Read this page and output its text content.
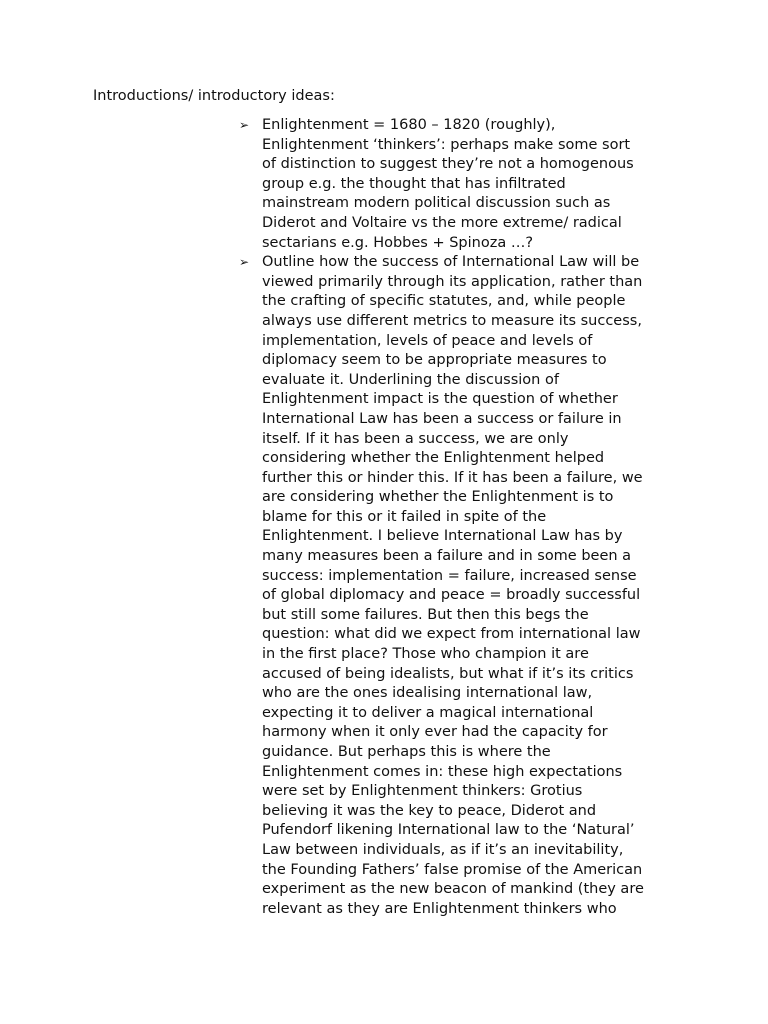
Introductions/ introductory ideas:
➢ Enlightenment = 1680 – 1820 (roughly),
Enlightenment ‘thinkers’: perhaps make some sort
of distinction to suggest they’re not a homogenous
group e.g. the thought that has infiltrated
mainstream modern political discussion such as
Diderot and Voltaire vs the more extreme/ radical
sectarians e.g. Hobbes + Spinoza …?
➢ Outline how the success of International Law will be
viewed primarily through its application, rather than
the crafting of specific statutes, and, while people
always use different metrics to measure its success,
implementation, levels of peace and levels of
diplomacy seem to be appropriate measures to
evaluate it. Underlining the discussion of
Enlightenment impact is the question of whether
International Law has been a success or failure in
itself. If it has been a success, we are only
considering whether the Enlightenment helped
further this or hinder this. If it has been a failure, we
are considering whether the Enlightenment is to
blame for this or it failed in spite of the
Enlightenment. I believe International Law has by
many measures been a failure and in some been a
success: implementation = failure, increased sense
of global diplomacy and peace = broadly successful
but still some failures. But then this begs the
question: what did we expect from international law
in the first place? Those who champion it are
accused of being idealists, but what if it’s its critics
who are the ones idealising international law,
expecting it to deliver a magical international
harmony when it only ever had the capacity for
guidance. But perhaps this is where the
Enlightenment comes in: these high expectations
were set by Enlightenment thinkers: Grotius
believing it was the key to peace, Diderot and
Pufendorf likening International law to the ‘Natural’
Law between individuals, as if it’s an inevitability,
the Founding Fathers’ false promise of the American
experiment as the new beacon of mankind (they are
relevant as they are Enlightenment thinkers who
